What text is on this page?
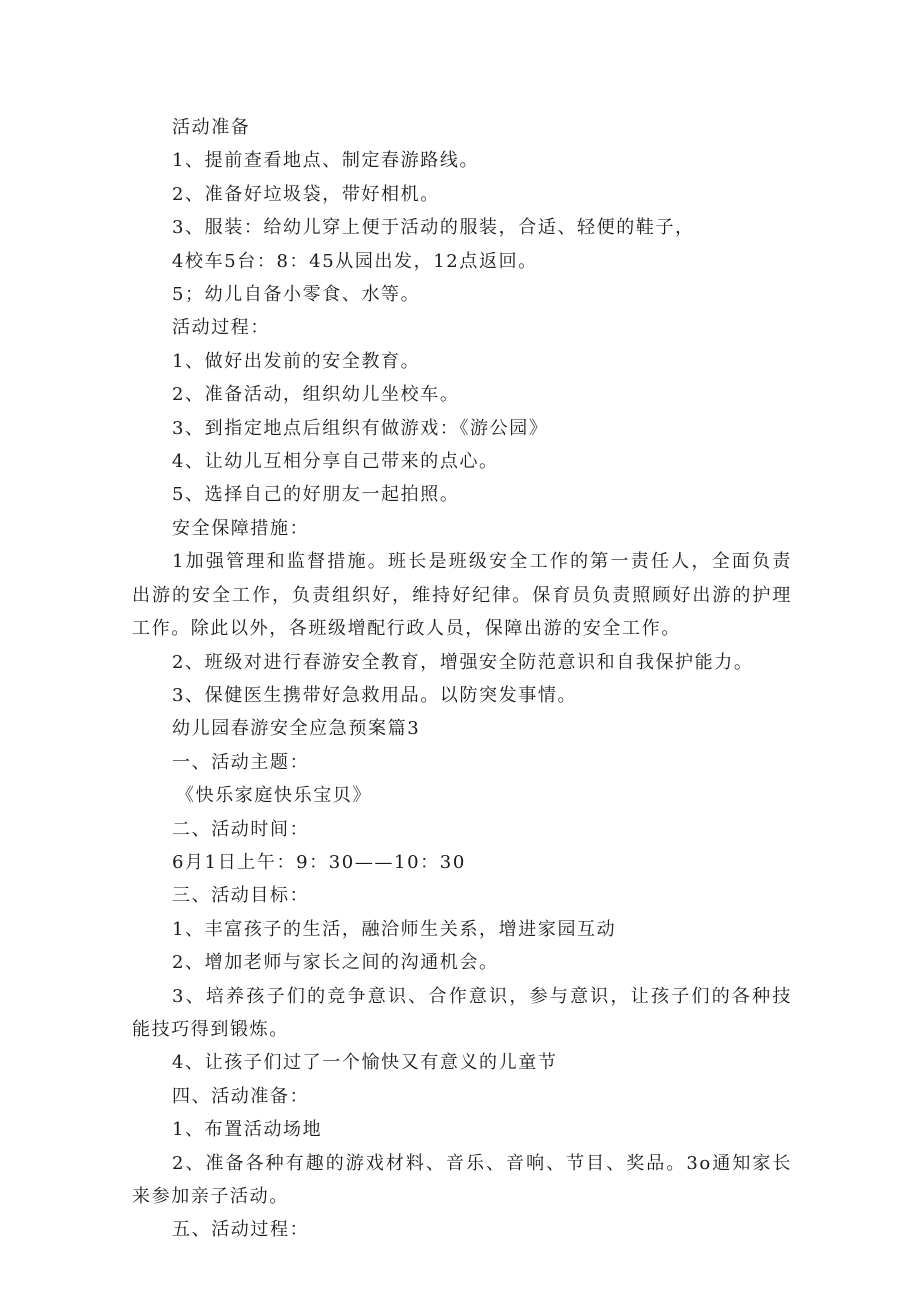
活动准备
1、提前查看地点、制定春游路线。
2、准备好垃圾袋，带好相机。
3、服装：给幼儿穿上便于活动的服装，合适、轻便的鞋子，
4校车5台：8：45从园出发，12点返回。
5；幼儿自备小零食、水等。
活动过程：
1、做好出发前的安全教育。
2、准备活动，组织幼儿坐校车。
3、到指定地点后组织有做游戏：《游公园》
4、让幼儿互相分享自己带来的点心。
5、选择自己的好朋友一起拍照。
安全保障措施：
1加强管理和监督措施。班长是班级安全工作的第一责任人，全面负责出游的安全工作，负责组织好，维持好纪律。保育员负责照顾好出游的护理工作。除此以外，各班级增配行政人员，保障出游的安全工作。
2、班级对进行春游安全教育，增强安全防范意识和自我保护能力。
3、保健医生携带好急救用品。以防突发事情。
幼儿园春游安全应急预案篇3
一、活动主题：
《快乐家庭快乐宝贝》
二、活动时间：
6月1日上午：9：30——10：30
三、活动目标：
1、丰富孩子的生活，融洽师生关系，增进家园互动
2、增加老师与家长之间的沟通机会。
3、培养孩子们的竞争意识、合作意识，参与意识，让孩子们的各种技能技巧得到锻炼。
4、让孩子们过了一个愉快又有意义的儿童节
四、活动准备：
1、布置活动场地
2、准备各种有趣的游戏材料、音乐、音响、节目、奖品。3o通知家长来参加亲子活动。
五、活动过程：
